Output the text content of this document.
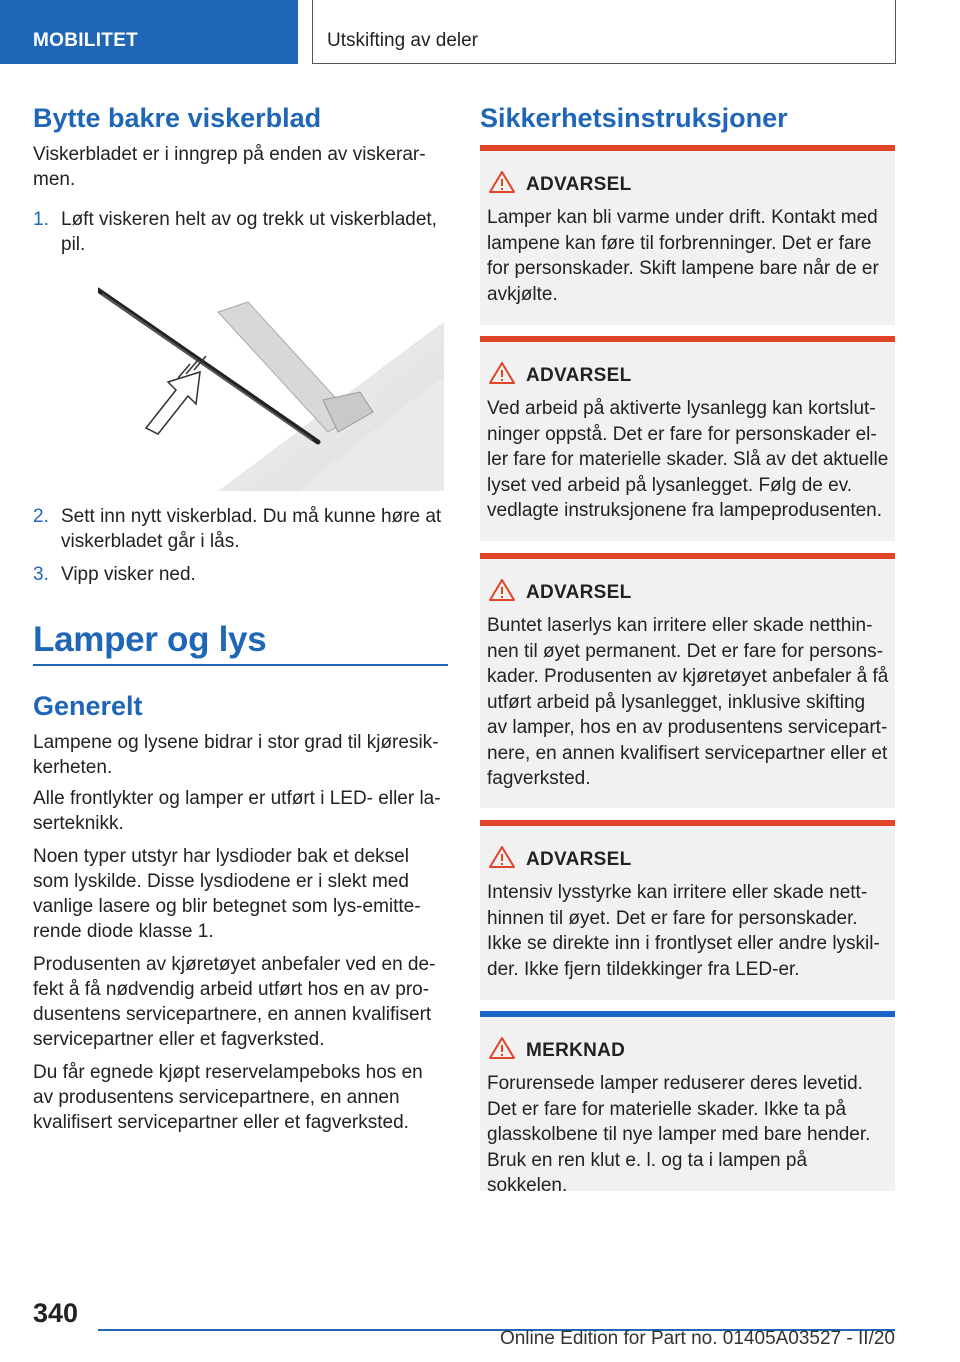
MOBILITET	Utskifting av deler
Bytte bakre viskerblad
Viskerbladet er i inngrep på enden av viskerarmen.
1. Løft viskeren helt av og trekk ut viskerbladet, pil.
2. Sett inn nytt viskerblad. Du må kunne høre at viskerbladet går i lås.
3. Vipp visker ned.
Lamper og lys
Generelt
Lampene og lysene bidrar i stor grad til kjøresikkerheten.
Alle frontlykter og lamper er utført i LED- eller laserteknikk.
Noen typer utstyr har lysdioder bak et deksel som lyskilde. Disse lysdiodene er i slekt med vanlige lasere og blir betegnet som lys-emitterende diode klasse 1.
Produsenten av kjøretøyet anbefaler ved en defekt å få nødvendig arbeid utført hos en av produsentens servicepartnere, en annen kvalifisert servicepartner eller et fagverksted.
Du får egnede kjøpt reservelampeboks hos en av produsentens servicepartnere, en annen kvalifisert servicepartner eller et fagverksted.
Sikkerhetsinstruksjoner
ADVARSEL
Lamper kan bli varme under drift. Kontakt med lampene kan føre til forbrenninger. Det er fare for personskader. Skift lampene bare når de er avkjølte.
ADVARSEL
Ved arbeid på aktiverte lysanlegg kan kortslutninger oppstå. Det er fare for personskader eller fare for materielle skader. Slå av det aktuelle lyset ved arbeid på lysanlegget. Følg de ev. vedlagte instruksjonene fra lampeprodusenten.
ADVARSEL
Buntet laserlys kan irritere eller skade netthinnen til øyet permanent. Det er fare for personskader. Produsenten av kjøretøyet anbefaler å få utført arbeid på lysanlegget, inklusive skifting av lamper, hos en av produsentens servicepartnere, en annen kvalifisert servicepartner eller et fagverksted.
ADVARSEL
Intensiv lysstyrke kan irritere eller skade netthinnen til øyet. Det er fare for personskader. Ikke se direkte inn i frontlyset eller andre lyskilder. Ikke fjern tildekkinger fra LED-er.
MERKNAD
Forurensede lamper reduserer deres levetid. Det er fare for materielle skader. Ikke ta på glasskolbene til nye lamper med bare hender. Bruk en ren klut e. l. og ta i lampen på sokkelen.
340
Online Edition for Part no. 01405A03527 - II/20
